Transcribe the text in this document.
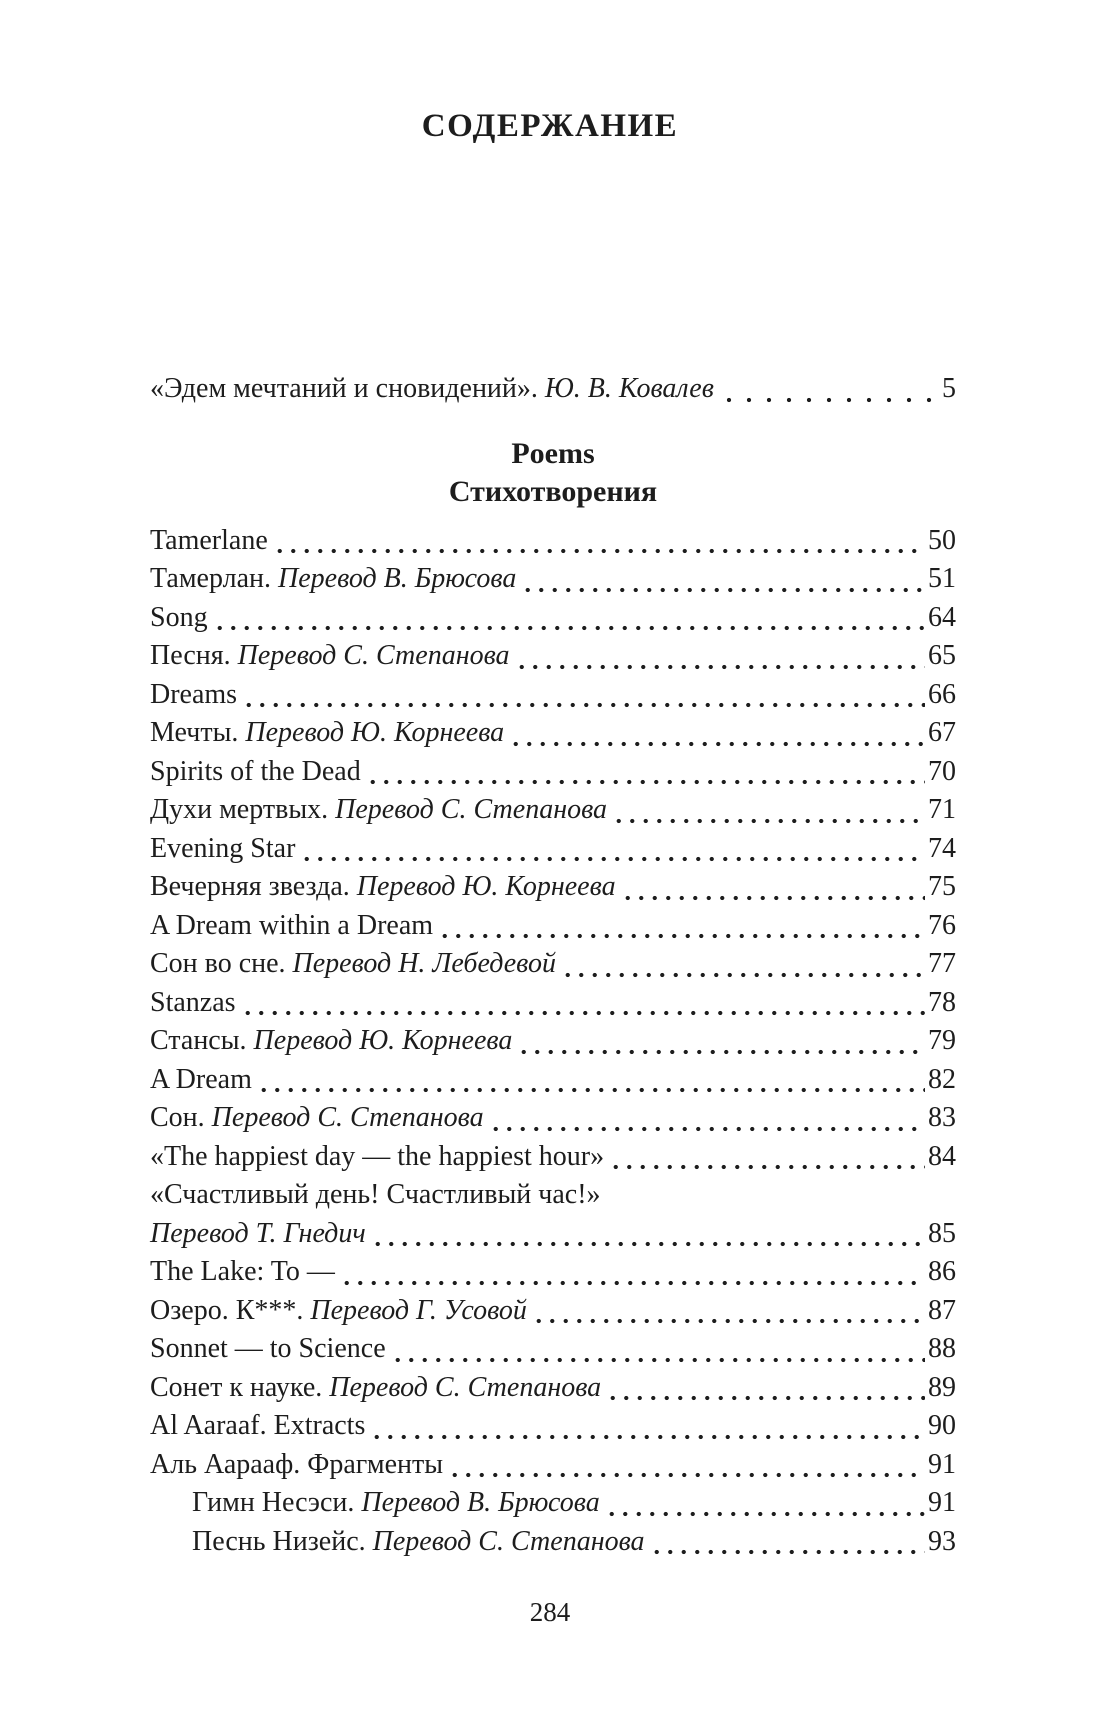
СОДЕРЖАНИЕ
«Эдем мечтаний и сновидений». Ю. В. Ковалев	5
Poems
Стихотворения
Tamerlane	50
Тамерлан. Перевод В. Брюсова	51
Song	64
Песня. Перевод С. Степанова	65
Dreams	66
Мечты. Перевод Ю. Корнеева	67
Spirits of the Dead	70
Духи мертвых. Перевод С. Степанова	71
Evening Star	74
Вечерняя звезда. Перевод Ю. Корнеева	75
A Dream within a Dream	76
Сон во сне. Перевод Н. Лебедевой	77
Stanzas	78
Стансы. Перевод Ю. Корнеева	79
A Dream	82
Сон. Перевод С. Степанова	83
«The happiest day — the happiest hour»	84
«Счастливый день! Счастливый час!»
Перевод Т. Гнедич	85
The Lake: To —	86
Озеро. К***. Перевод Г. Усовой	87
Sonnet — to Science	88
Сонет к науке. Перевод С. Степанова	89
Al Aaraaf. Extracts	90
Аль Аарааф. Фрагменты	91
Гимн Несэси. Перевод В. Брюсова	91
Песнь Низейс. Перевод С. Степанова	93
284
